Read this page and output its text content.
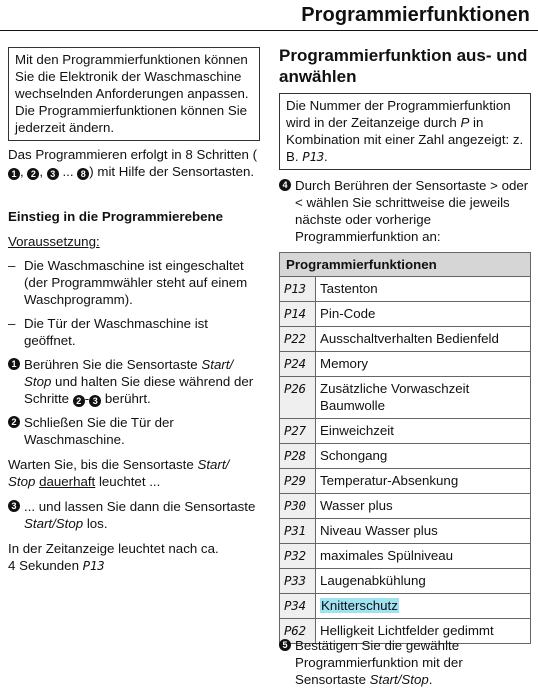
Programmierfunktionen
Mit den Programmierfunktionen können Sie die Elektronik der Waschmaschine wechselnden Anforderungen anpassen. Die Programmierfunktionen können Sie jederzeit ändern.
Das Programmieren erfolgt in 8 Schritten (1 , 2 , 3 ... 8 ) mit Hilfe der Sensortasten.
Einstieg in die Programmierebene
Voraussetzung:
– Die Waschmaschine ist eingeschaltet (der Programmwähler steht auf einem Waschprogramm).
– Die Tür der Waschmaschine ist geöffnet.
1 Berühren Sie die Sensortaste Start/ Stop und halten Sie diese während der Schritte 2 - 3 berührt.
2 Schließen Sie die Tür der Waschmaschine.
Warten Sie, bis die Sensortaste Start/ Stop dauerhaft leuchtet ...
3 ... und lassen Sie dann die Sensortaste Start/Stop los.
In der Zeitanzeige leuchtet nach ca. 4 Sekunden P13
Programmierfunktion aus- und anwählen
Die Nummer der Programmierfunktion wird in der Zeitanzeige durch P in Kombination mit einer Zahl angezeigt: z. B. P13.
4 Durch Berühren der Sensortaste > oder < wählen Sie schrittweise die jeweils nächste oder vorherige Programmierfunktion an:
Programmierfunktionen	
P13	Tastenton
P14	Pin-Code
P22	Ausschaltverhalten Bedienfeld
P24	Memory
P26	Zusätzliche Vorwaschzeit Baumwolle
P27	Einweichzeit
P28	Schongang
P29	Temperatur-Absenkung
P30	Wasser plus
P31	Niveau Wasser plus
P32	maximales Spülniveau
P33	Laugenabkühlung
P34	Knitterschutz
P62	Helligkeit Lichtfelder gedimmt
5 Bestätigen Sie die gewählte Programmierfunktion mit der Sensortaste Start/Stop.
